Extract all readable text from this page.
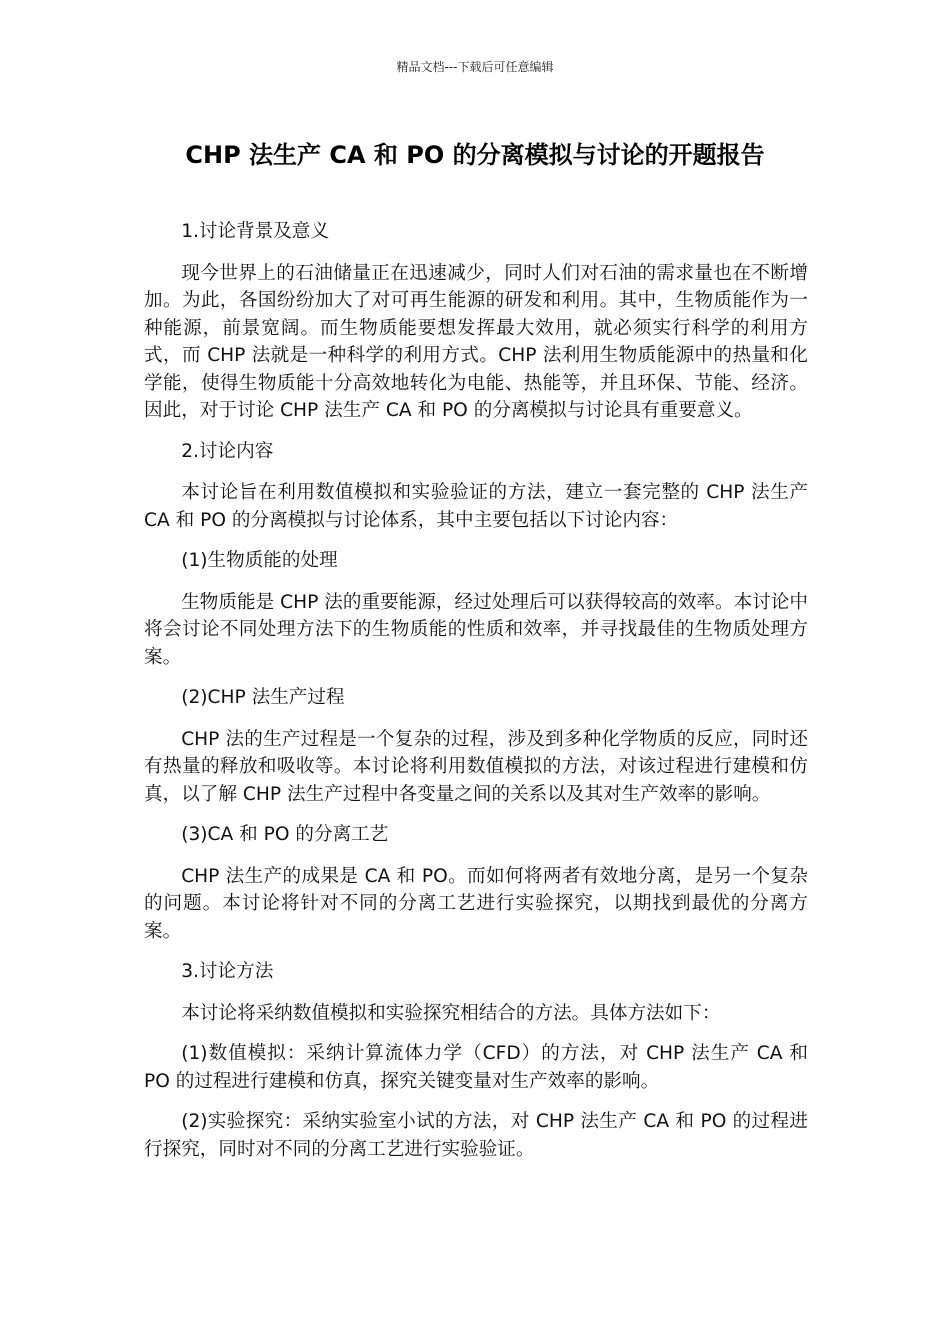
精品文档---下载后可任意编辑
CHP 法生产 CA 和 PO 的分离模拟与讨论的开题报告

1.讨论背景及意义

现今世界上的石油储量正在迅速减少，同时人们对石油的需求量也在不断增加。为此，各国纷纷加大了对可再生能源的研发和利用。其中，生物质能作为一种能源，前景宽阔。而生物质能要想发挥最大效用，就必须实行科学的利用方式，而 CHP 法就是一种科学的利用方式。CHP 法利用生物质能源中的热量和化学能，使得生物质能十分高效地转化为电能、热能等，并且环保、节能、经济。因此，对于讨论 CHP 法生产 CA 和 PO 的分离模拟与讨论具有重要意义。

2.讨论内容

本讨论旨在利用数值模拟和实验验证的方法，建立一套完整的 CHP 法生产 CA 和 PO 的分离模拟与讨论体系，其中主要包括以下讨论内容：

(1)生物质能的处理

生物质能是 CHP 法的重要能源，经过处理后可以获得较高的效率。本讨论中将会讨论不同处理方法下的生物质能的性质和效率，并寻找最佳的生物质处理方案。

(2)CHP 法生产过程

CHP 法的生产过程是一个复杂的过程，涉及到多种化学物质的反应，同时还有热量的释放和吸收等。本讨论将利用数值模拟的方法，对该过程进行建模和仿真，以了解 CHP 法生产过程中各变量之间的关系以及其对生产效率的影响。

(3)CA 和 PO 的分离工艺

CHP 法生产的成果是 CA 和 PO。而如何将两者有效地分离，是另一个复杂的问题。本讨论将针对不同的分离工艺进行实验探究，以期找到最优的分离方案。

3.讨论方法

本讨论将采纳数值模拟和实验探究相结合的方法。具体方法如下：

(1)数值模拟：采纳计算流体力学（CFD）的方法，对 CHP 法生产 CA 和 PO 的过程进行建模和仿真，探究关键变量对生产效率的影响。

(2)实验探究：采纳实验室小试的方法，对 CHP 法生产 CA 和 PO 的过程进行探究，同时对不同的分离工艺进行实验验证。
